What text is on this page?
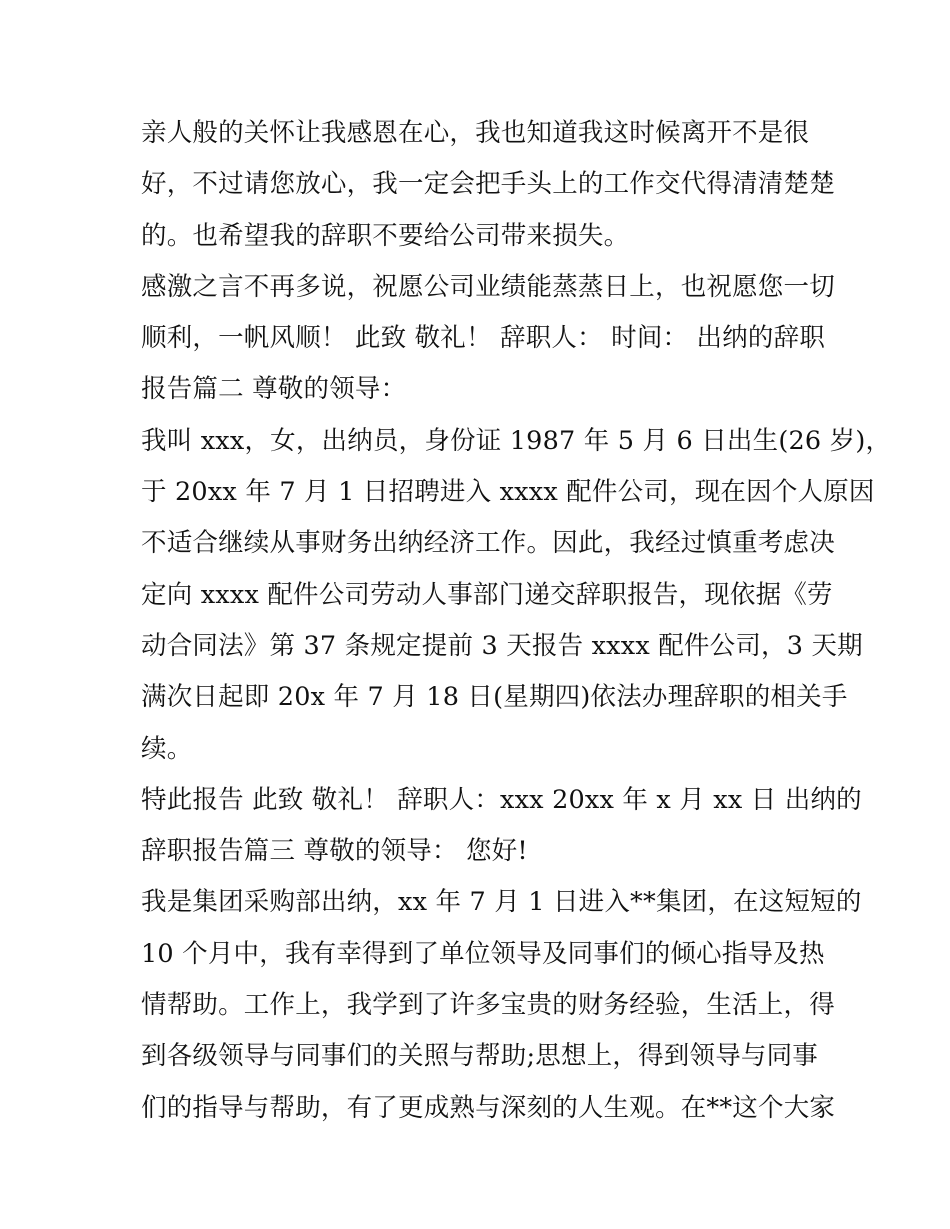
亲人般的关怀让我感恩在心，我也知道我这时候离开不是很
好，不过请您放心，我一定会把手头上的工作交代得清清楚楚
的。也希望我的辞职不要给公司带来损失。
感激之言不再多说，祝愿公司业绩能蒸蒸日上，也祝愿您一切
顺利，一帆风顺！ 此致 敬礼！ 辞职人： 时间： 出纳的辞职
报告篇二 尊敬的领导：
我叫 xxx，女，出纳员，身份证 1987 年 5 月 6 日出生(26 岁)，
于 20xx 年 7 月 1 日招聘进入 xxxx 配件公司，现在因个人原因
不适合继续从事财务出纳经济工作。因此，我经过慎重考虑决
定向 xxxx 配件公司劳动人事部门递交辞职报告，现依据《劳
动合同法》第 37 条规定提前 3 天报告 xxxx 配件公司，3 天期
满次日起即 20x 年 7 月 18 日(星期四)依法办理辞职的相关手
续。
特此报告 此致 敬礼！ 辞职人：xxx 20xx 年 x 月 xx 日 出纳的
辞职报告篇三 尊敬的领导： 您好!
我是集团采购部出纳，xx 年 7 月 1 日进入**集团，在这短短的
10 个月中，我有幸得到了单位领导及同事们的倾心指导及热
情帮助。工作上，我学到了许多宝贵的财务经验，生活上，得
到各级领导与同事们的关照与帮助;思想上，得到领导与同事
们的指导与帮助，有了更成熟与深刻的人生观。在**这个大家
